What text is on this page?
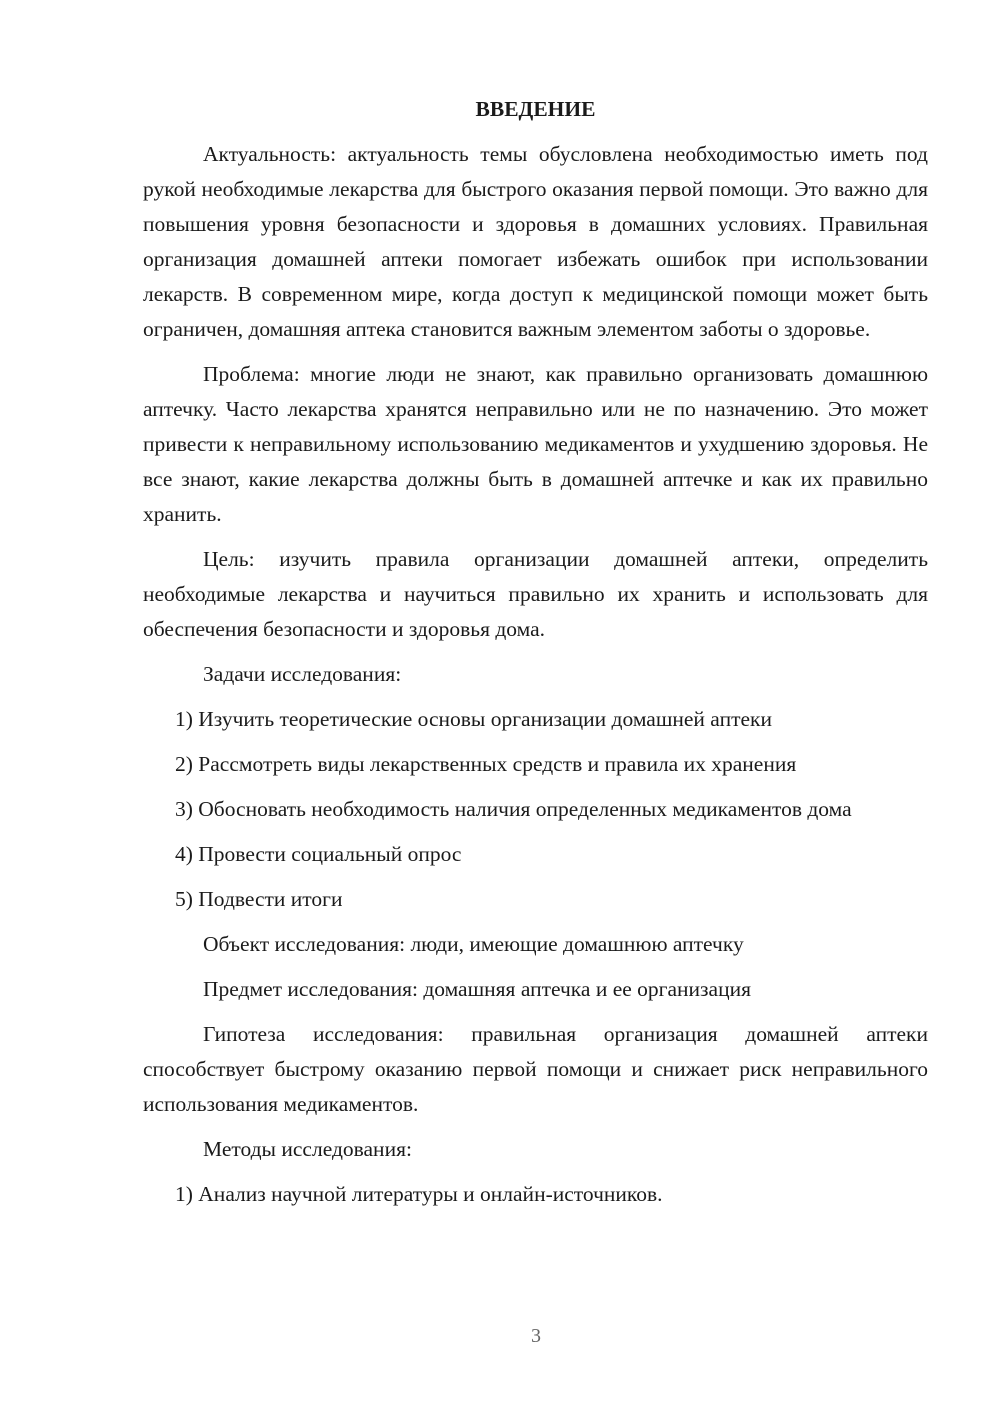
ВВЕДЕНИЕ

Актуальность: актуальность темы обусловлена необходимостью иметь под рукой необходимые лекарства для быстрого оказания первой помощи. Это важно для повышения уровня безопасности и здоровья в домашних условиях. Правильная организация домашней аптеки помогает избежать ошибок при использовании лекарств. В современном мире, когда доступ к медицинской помощи может быть ограничен, домашняя аптека становится важным элементом заботы о здоровье.

Проблема: многие люди не знают, как правильно организовать домашнюю аптечку. Часто лекарства хранятся неправильно или не по назначению. Это может привести к неправильному использованию медикаментов и ухудшению здоровья. Не все знают, какие лекарства должны быть в домашней аптечке и как их правильно хранить.

Цель: изучить правила организации домашней аптеки, определить необходимые лекарства и научиться правильно их хранить и использовать для обеспечения безопасности и здоровья дома.

Задачи исследования:
1) Изучить теоретические основы организации домашней аптеки
2) Рассмотреть виды лекарственных средств и правила их хранения
3) Обосновать необходимость наличия определенных медикаментов дома
4) Провести социальный опрос
5) Подвести итоги
Объект исследования: люди, имеющие домашнюю аптечку
Предмет исследования: домашняя аптечка и ее организация

Гипотеза исследования: правильная организация домашней аптеки способствует быстрому оказанию первой помощи и снижает риск неправильного использования медикаментов.

Методы исследования:
1) Анализ научной литературы и онлайн-источников.
3
